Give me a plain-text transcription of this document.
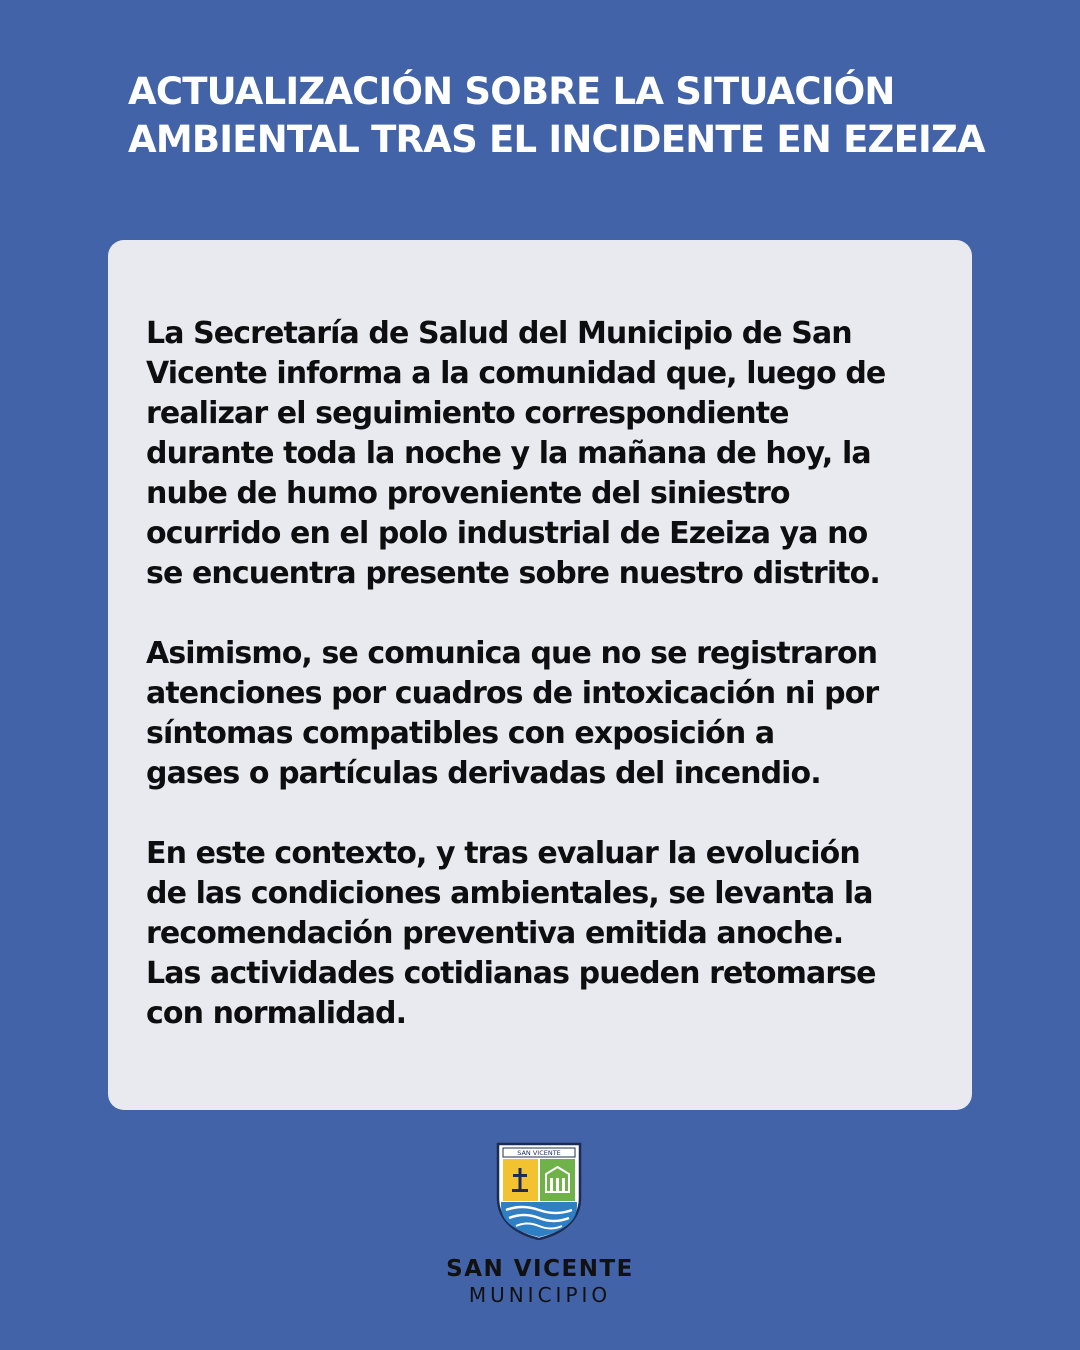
ACTUALIZACIÓN SOBRE LA SITUACIÓN
AMBIENTAL TRAS EL INCIDENTE EN EZEIZA

La Secretaría de Salud del Municipio de San
Vicente informa a la comunidad que, luego de
realizar el seguimiento correspondiente
durante toda la noche y la mañana de hoy, la
nube de humo proveniente del siniestro
ocurrido en el polo industrial de Ezeiza ya no
se encuentra presente sobre nuestro distrito.

Asimismo, se comunica que no se registraron
atenciones por cuadros de intoxicación ni por
síntomas compatibles con exposición a
gases o partículas derivadas del incendio.

En este contexto, y tras evaluar la evolución
de las condiciones ambientales, se levanta la
recomendación preventiva emitida anoche.
Las actividades cotidianas pueden retomarse
con normalidad.

SAN VICENTE
SAN VICENTE
MUNICIPIO
